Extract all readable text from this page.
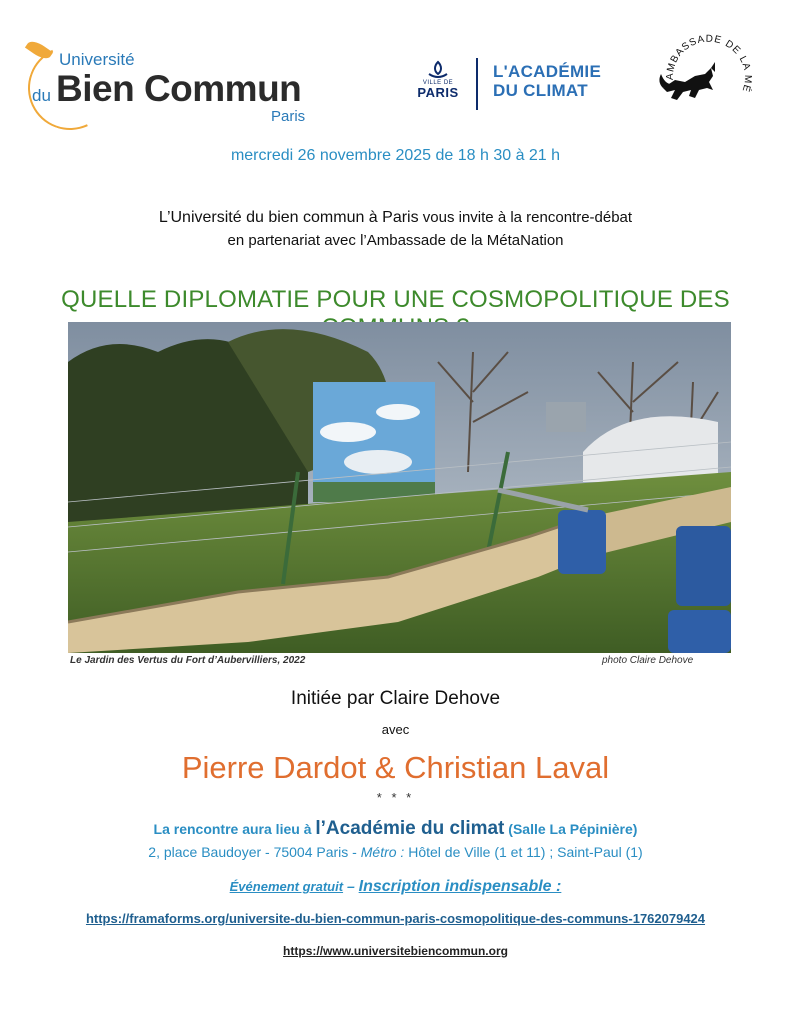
Université
du Bien Commun
Paris
VILLE DE
PARIS
L'ACADÉMIE
DU CLIMAT
AMBASSADE DE LA MÉ
mercredi 26 novembre 2025 de 18 h 30 à 21 h
L’Université du bien commun à Paris vous invite à la rencontre-débat
en partenariat avec l’Ambassade de la MétaNation
QUELLE DIPLOMATIE POUR UNE COSMOPOLITIQUE DES
Le Jardin des Vertus du Fort d’Aubervilliers, 2022	photo Claire Dehove
Initiée par Claire Dehove
avec
Pierre Dardot & Christian Laval
* * *
La rencontre aura lieu à l’Académie du climat (Salle La Pépinière)
2, place Baudoyer - 75004 Paris - Métro : Hôtel de Ville (1 et 11) ; Saint-Paul (1)
Événement gratuit – Inscription indispensable :
https://framaforms.org/universite-du-bien-commun-paris-cosmopolitique-des-communs-1762079424
https://www.universitebiencommun.org
